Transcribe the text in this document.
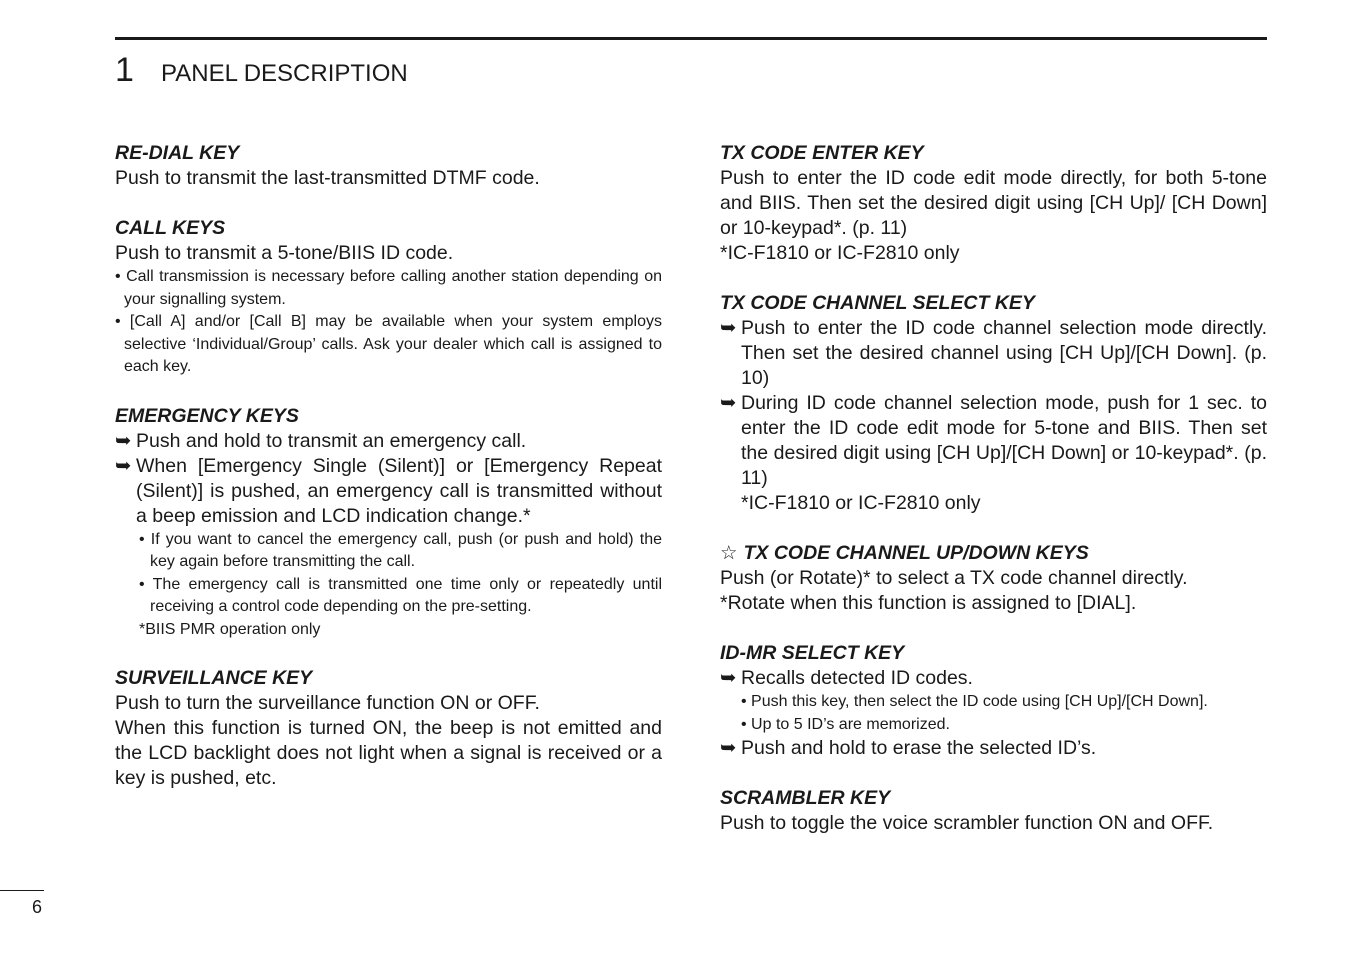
1 PANEL DESCRIPTION
RE-DIAL KEY
Push to transmit the last-transmitted DTMF code.
CALL KEYS
Push to transmit a 5-tone/BIIS ID code.
• Call transmission is necessary before calling another station depending on your signalling system.
• [Call A] and/or [Call B] may be available when your system employs selective ‘Individual/Group’ calls. Ask your dealer which call is assigned to each key.
EMERGENCY KEYS
➥ Push and hold to transmit an emergency call.
➥ When [Emergency Single (Silent)] or [Emergency Repeat (Silent)] is pushed, an emergency call is transmitted without a beep emission and LCD indication change.*
• If you want to cancel the emergency call, push (or push and hold) the key again before transmitting the call.
• The emergency call is transmitted one time only or repeatedly until receiving a control code depending on the pre-setting.
*BIIS PMR operation only
SURVEILLANCE KEY
Push to turn the surveillance function ON or OFF.
When this function is turned ON, the beep is not emitted and the LCD backlight does not light when a signal is received or a key is pushed, etc.
TX CODE ENTER KEY
Push to enter the ID code edit mode directly, for both 5-tone and BIIS. Then set the desired digit using [CH Up]/ [CH Down] or 10-keypad*. (p. 11)
*IC-F1810 or IC-F2810 only
TX CODE CHANNEL SELECT KEY
➥ Push to enter the ID code channel selection mode directly. Then set the desired channel using [CH Up]/[CH Down]. (p. 10)
➥ During ID code channel selection mode, push for 1 sec. to enter the ID code edit mode for 5-tone and BIIS. Then set the desired digit using [CH Up]/[CH Down] or 10-keypad*. (p. 11)
*IC-F1810 or IC-F2810 only
☆ TX CODE CHANNEL UP/DOWN KEYS
Push (or Rotate)* to select a TX code channel directly.
*Rotate when this function is assigned to [DIAL].
ID-MR SELECT KEY
➥ Recalls detected ID codes.
• Push this key, then select the ID code using [CH Up]/[CH Down].
• Up to 5 ID’s are memorized.
➥ Push and hold to erase the selected ID’s.
SCRAMBLER KEY
Push to toggle the voice scrambler function ON and OFF.
6
